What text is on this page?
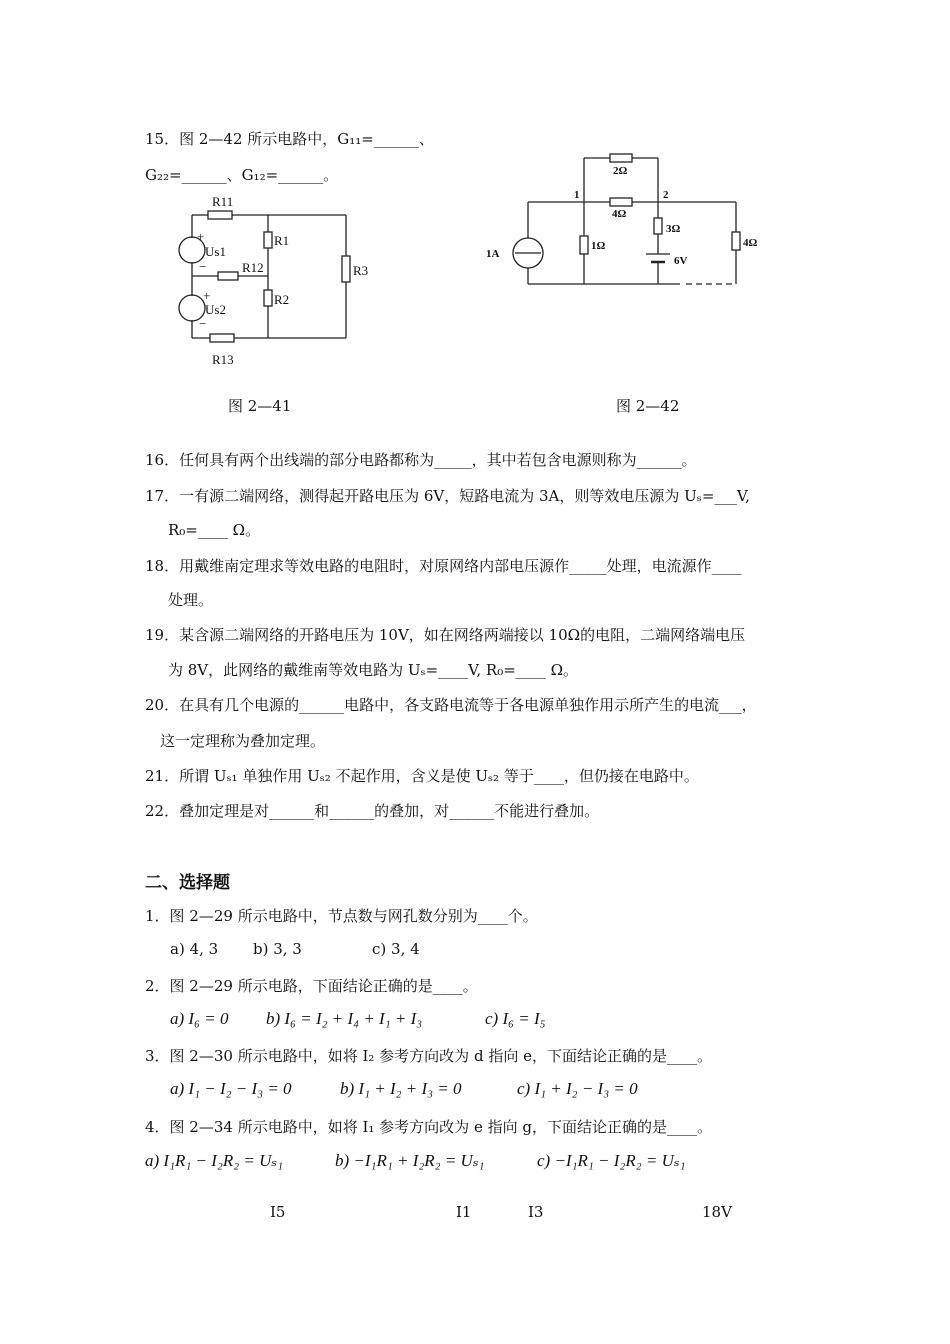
15．图 2—42 所示电路中，G₁₁=______、
G₂₂=______、G₁₂=______。
R11
R1
R12
R2
R3
R13
Us1
Us2
+
−
+
−
图 2—41
2Ω
4Ω
1	2
3Ω
4Ω
1A
1Ω
6V
图 2—42
16．任何具有两个出线端的部分电路都称为_____，其中若包含电源则称为______。
17．一有源二端网络，测得起开路电压为 6V，短路电流为 3A，则等效电压源为 Uₛ=___V,
R₀=____ Ω。
18．用戴维南定理求等效电路的电阻时，对原网络内部电压源作_____处理，电流源作____
处理。
19．某含源二端网络的开路电压为 10V，如在网络两端接以 10Ω的电阻，二端网络端电压
为 8V，此网络的戴维南等效电路为 Uₛ=____V, R₀=____ Ω。
20．在具有几个电源的______电路中，各支路电流等于各电源单独作用示所产生的电流___，
这一定理称为叠加定理。
21．所谓 Uₛ₁ 单独作用 Uₛ₂ 不起作用，含义是使 Uₛ₂ 等于____，但仍接在电路中。
22．叠加定理是对______和______的叠加，对______不能进行叠加。
二、选择题
1．图 2—29 所示电路中，节点数与网孔数分别为____个。
a) 4, 3 b) 3, 3	c) 3, 4
2．图 2—29 所示电路，下面结论正确的是____。
a) I₆ = 0 b) I₆ = I₂ + I₄ + I₁ + I₃	c) I₆ = I₅
3．图 2—30 所示电路中，如将 I₂ 参考方向改为 d 指向 e，下面结论正确的是____。
a) I₁ − I₂ − I₃ = 0	b) I₁ + I₂ + I₃ = 0	c) I₁ + I₂ − I₃ = 0
4．图 2—34 所示电路中，如将 I₁ 参考方向改为 e 指向 g，下面结论正确的是____。
a) I₁R₁ − I₂R₂ = Uₛ₁	b) −I₁R₁ + I₂R₂ = Uₛ₁	c) −I₁R₁ − I₂R₂ = Uₛ₁
I5	I1	I3	18V
